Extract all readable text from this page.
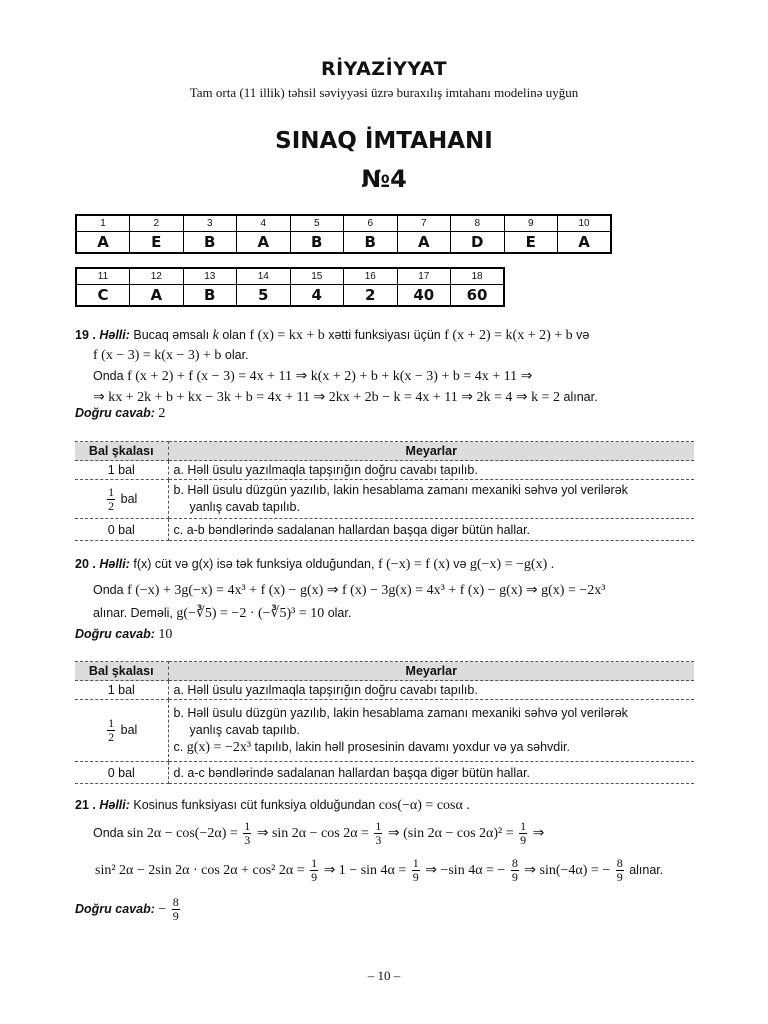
RİYAZİYYAT
Tam orta (11 illik) təhsil səviyyəsi üzrə buraxılış imtahanı modelinə uyğun
SINAQ İMTAHANI
№4
1	2	3	4	5	6	7	8	9	10
A	E	B	A	B	B	A	D	E	A
11	12	13	14	15	16	17	18
C	A	B	5	4	2	40	60
19 . Həlli: Bucaq əmsalı k olan f (x) = kx + b xətti funksiyası üçün f (x + 2) = k(x + 2) + b və
f (x − 3) = k(x − 3) + b olar.
Onda f (x + 2) + f (x − 3) = 4x + 11 ⇒ k(x + 2) + b + k(x − 3) + b = 4x + 11 ⇒
⇒ kx + 2k + b + kx − 3k + b = 4x + 11 ⇒ 2kx + 2b − k = 4x + 11 ⇒ 2k = 4 ⇒ k = 2 alınar.
Doğru cavab: 2
Bal şkalası	Meyarlar
1 bal	a. Həll üsulu yazılmaqla tapşırığın doğru cavabı tapılıb.

$\frac{1}{2}$ bal	b. Həll üsulu düzgün yazılıb, lakin hesablama zamanı mexaniki səhvə yol verilərək
yanlış cavab tapılıb.
0 bal	c. a-b bəndlərində sadalanan hallardan başqa digər bütün hallar.
20 . Həlli: f(x) cüt və g(x) isə tək funksiya olduğundan, f (−x) = f (x) və g(−x) = −g(x) .
Onda f (−x) + 3g(−x) = 4x³ + f (x) − g(x) ⇒ f (x) − 3g(x) = 4x³ + f (x) − g(x) ⇒ g(x) = −2x³
alınar. Deməli, g(−∛5) = −2 · (−∛5)³ = 10 olar.
Doğru cavab: 10
Bal şkalası	Meyarlar
1 bal	a. Həll üsulu yazılmaqla tapşırığın doğru cavabı tapılıb.

$\frac{1}{2}$ bal	b. Həll üsulu düzgün yazılıb, lakin hesablama zamanı mexaniki səhvə yol verilərək
yanlış cavab tapılıb.
c. g(x) = −2x³ tapılıb, lakin həll prosesinin davamı yoxdur və ya səhvdir.
0 bal	d. a-c bəndlərində sadalanan hallardan başqa digər bütün hallar.
21 . Həlli: Kosinus funksiyası cüt funksiya olduğundan cos(−α) = cosα .
Onda $\sin 2\alpha - \cos(-2\alpha) = \frac{1}{3}$ ⇒ $\sin 2\alpha - \cos 2\alpha = \frac{1}{3}$ ⇒ (sin $2\alpha - \cos 2\alpha)^2 = \frac{1}{9}$ ⇒
sin² 2α − 2sin 2α · cos 2α + cos² $2\alpha = \frac{1}{9}$ ⇒ $1 - \sin 4\alpha = \frac{1}{9}$ ⇒ −sin 4α = − $\frac{8}{9}$ ⇒ sin(−4α) = − $\frac{8}{9}$ alınar.
Doğru cavab: − $\frac{8}{9}$
– 10 –
